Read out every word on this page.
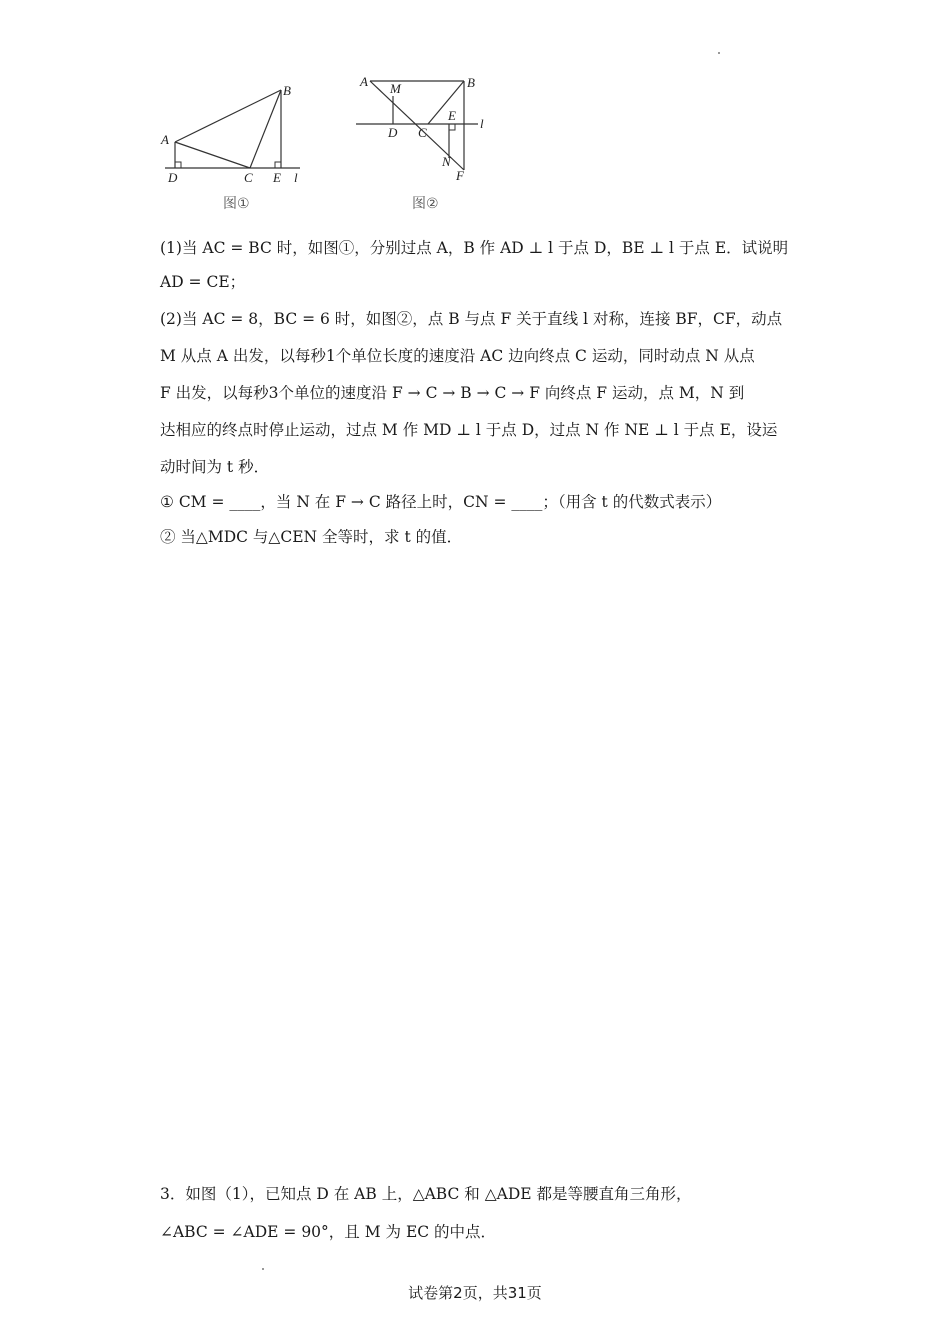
A
B
C
D	E l
图①
A	B
M
D C
E
l
N
F
图②
(1)当 AC = BC 时，如图①，分别过点 A，B 作 AD ⊥ l 于点 D，BE ⊥ l 于点 E．试说明
AD = CE；
(2)当 AC = 8，BC = 6 时，如图②，点 B 与点 F 关于直线 l 对称，连接 BF，CF，动点
M 从点 A 出发，以每秒1个单位长度的速度沿 AC 边向终点 C 运动，同时动点 N 从点
F 出发，以每秒3个单位的速度沿 F → C → B → C → F 向终点 F 运动，点 M，N 到
达相应的终点时停止运动，过点 M 作 MD ⊥ l 于点 D，过点 N 作 NE ⊥ l 于点 E，设运
动时间为 t 秒．
① CM = ____，当 N 在 F → C 路径上时，CN = ____；（用含 t 的代数式表示）
② 当△MDC 与△CEN 全等时，求 t 的值．
3．如图（1），已知点 D 在 AB 上，△ABC 和 △ADE 都是等腰直角三角形，
∠ABC = ∠ADE = 90°，且 M 为 EC 的中点．
试卷第2页，共31页
